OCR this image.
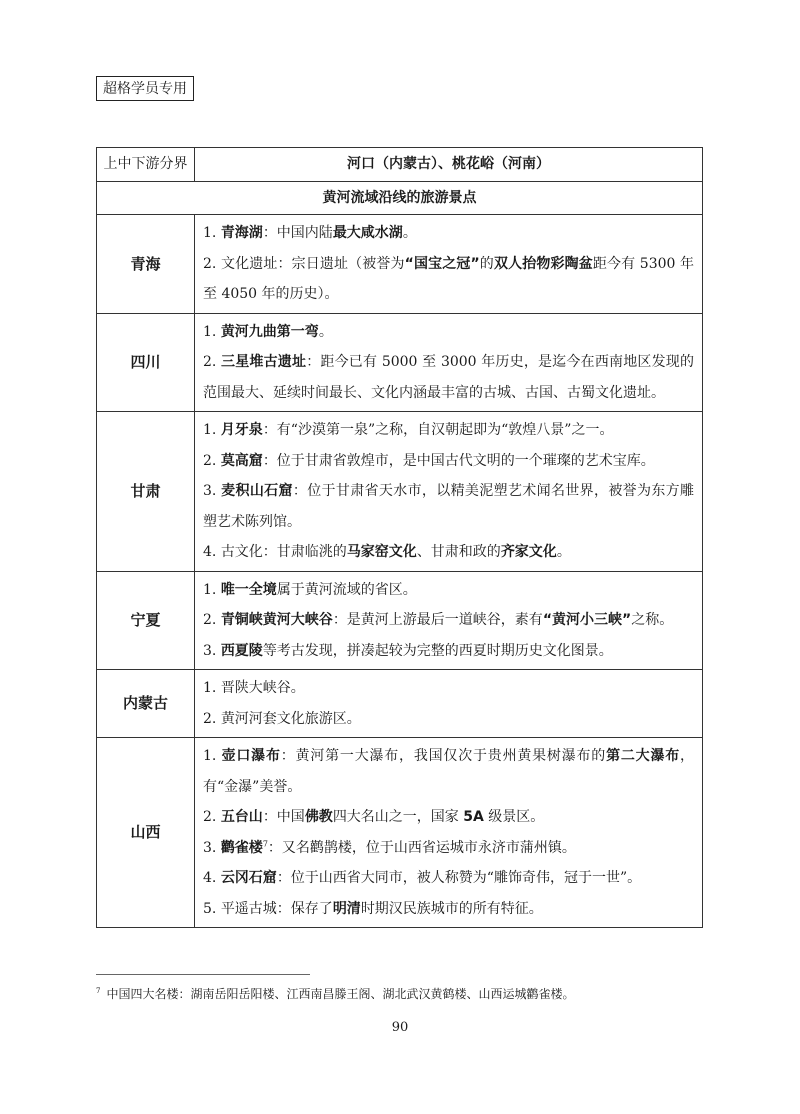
超格学员专用
上中下游分界	河口（内蒙古）、桃花峪（河南）
黄河流域沿线的旅游景点	
青海	1. 青海湖：中国内陆最大咸水湖。
2. 文化遗址：宗日遗址（被誉为“国宝之冠”的双人抬物彩陶盆距今有 5300 年至 4050 年的历史）。

四川	1. 黄河九曲第一弯。
2. 三星堆古遗址：距今已有 5000 至 3000 年历史，是迄今在西南地区发现的范围最大、延续时间最长、文化内涵最丰富的古城、古国、古蜀文化遗址。

甘肃	1. 月牙泉：有“沙漠第一泉”之称，自汉朝起即为“敦煌八景”之一。
2. 莫高窟：位于甘肃省敦煌市，是中国古代文明的一个璀璨的艺术宝库。
3. 麦积山石窟：位于甘肃省天水市，以精美泥塑艺术闻名世界，被誉为东方雕塑艺术陈列馆。
4. 古文化：甘肃临洮的马家窑文化、甘肃和政的齐家文化。

宁夏	1. 唯一全境属于黄河流域的省区。
2. 青铜峡黄河大峡谷：是黄河上游最后一道峡谷，素有“黄河小三峡”之称。
3. 西夏陵等考古发现，拼凑起较为完整的西夏时期历史文化图景。

内蒙古	1. 晋陕大峡谷。
2. 黄河河套文化旅游区。

山西	1. 壶口瀑布：黄河第一大瀑布，我国仅次于贵州黄果树瀑布的第二大瀑布，有“金瀑”美誉。
2. 五台山：中国佛教四大名山之一，国家 5A 级景区。
3. 鹳雀楼$^7$：又名鹳鹊楼，位于山西省运城市永济市蒲州镇。
4. 云冈石窟：位于山西省大同市，被人称赞为“雕饰奇伟，冠于一世”。
5. 平遥古城：保存了明清时期汉民族城市的所有特征。
$^7$ 中国四大名楼：湖南岳阳岳阳楼、江西南昌滕王阁、湖北武汉黄鹤楼、山西运城鹳雀楼。
90
